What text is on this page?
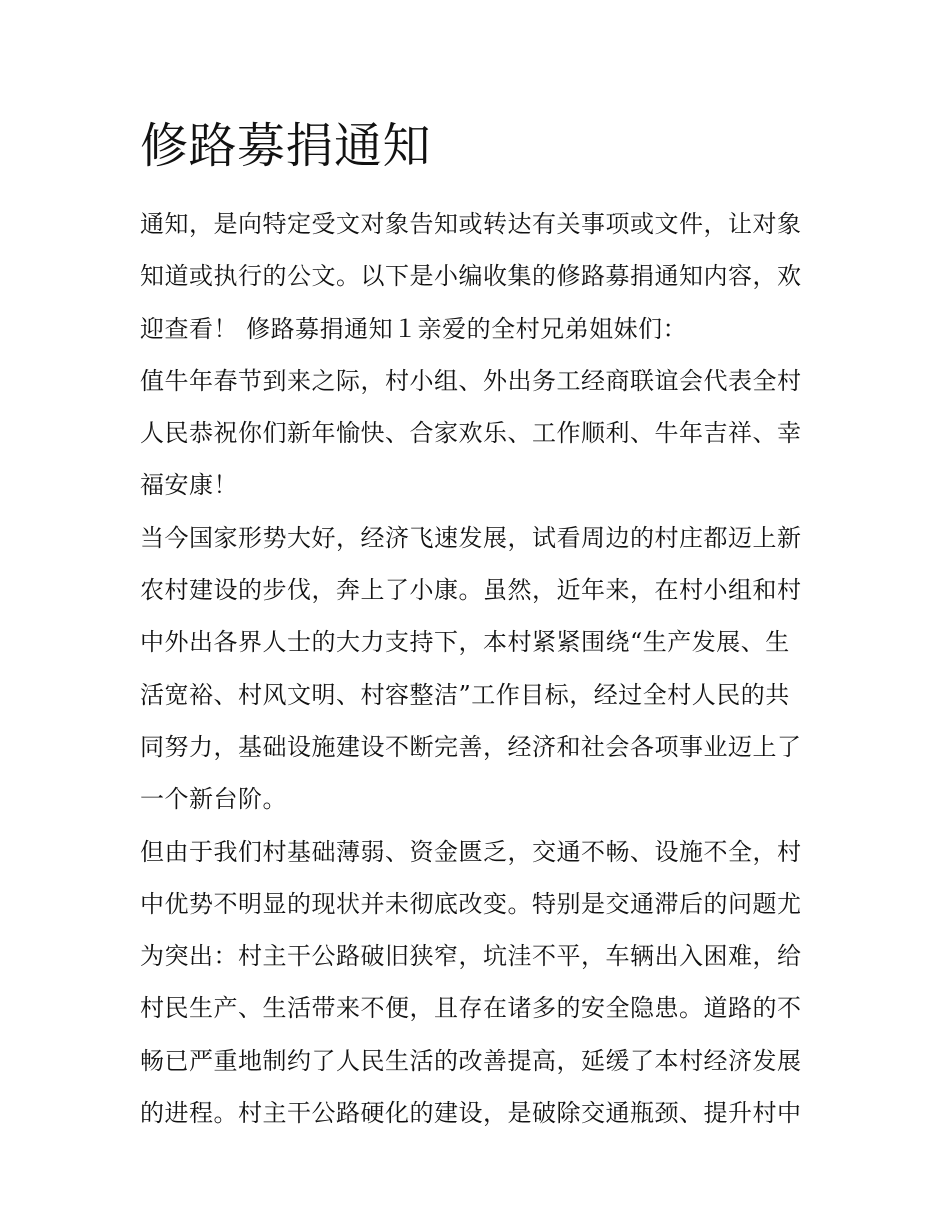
修路募捐通知

通知，是向特定受文对象告知或转达有关事项或文件，让对象
知道或执行的公文。以下是小编收集的修路募捐通知内容，欢
迎查看！ 修路募捐通知１亲爱的全村兄弟姐妹们：

值牛年春节到来之际，村小组、外出务工经商联谊会代表全村
人民恭祝你们新年愉快、合家欢乐、工作顺利、牛年吉祥、幸
福安康！

当今国家形势大好，经济飞速发展，试看周边的村庄都迈上新
农村建设的步伐，奔上了小康。虽然，近年来，在村小组和村
中外出各界人士的大力支持下，本村紧紧围绕“生产发展、生
活宽裕、村风文明、村容整洁”工作目标，经过全村人民的共
同努力，基础设施建设不断完善，经济和社会各项事业迈上了
一个新台阶。

但由于我们村基础薄弱、资金匮乏，交通不畅、设施不全，村
中优势不明显的现状并未彻底改变。特别是交通滞后的问题尤
为突出：村主干公路破旧狭窄，坑洼不平，车辆出入困难，给
村民生产、生活带来不便，且存在诸多的安全隐患。道路的不
畅已严重地制约了人民生活的改善提高，延缓了本村经济发展
的进程。村主干公路硬化的建设，是破除交通瓶颈、提升村中
